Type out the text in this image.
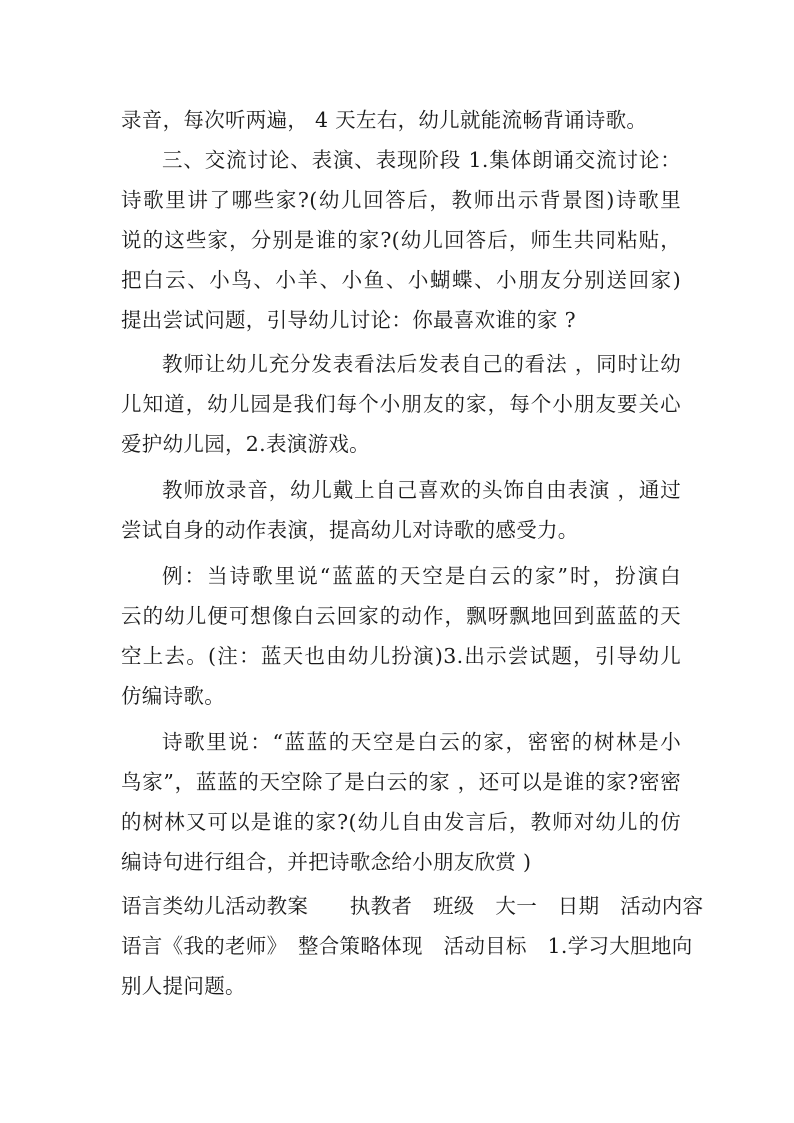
录音，每次听两遍， 4 天左右，幼儿就能流畅背诵诗歌。
三、交流讨论、表演、表现阶段 1.集体朗诵交流讨论：
诗歌里讲了哪些家?(幼儿回答后，教师出示背景图)诗歌里
说的这些家，分别是谁的家?(幼儿回答后，师生共同粘贴，
把白云、小鸟、小羊、小鱼、小蝴蝶、小朋友分别送回家)
提出尝试问题，引导幼儿讨论：你最喜欢谁的家 ?
教师让幼儿充分发表看法后发表自己的看法 ，同时让幼
儿知道，幼儿园是我们每个小朋友的家，每个小朋友要关心
爱护幼儿园，2.表演游戏。
教师放录音，幼儿戴上自己喜欢的头饰自由表演 ，通过
尝试自身的动作表演，提高幼儿对诗歌的感受力。
例：当诗歌里说“蓝蓝的天空是白云的家”时，扮演白
云的幼儿便可想像白云回家的动作，飘呀飘地回到蓝蓝的天
空上去。(注：蓝天也由幼儿扮演)3.出示尝试题，引导幼儿
仿编诗歌。
诗歌里说：“蓝蓝的天空是白云的家，密密的树林是小
鸟家”，蓝蓝的天空除了是白云的家 ，还可以是谁的家?密密
的树林又可以是谁的家?(幼儿自由发言后，教师对幼儿的仿
编诗句进行组合，并把诗歌念给小朋友欣赏 )
语言类幼儿活动教案　　执教者　班级　大一　日期　活动内容
语言《我的老师》　整合策略体现　活动目标　1.学习大胆地向
别人提问题。
